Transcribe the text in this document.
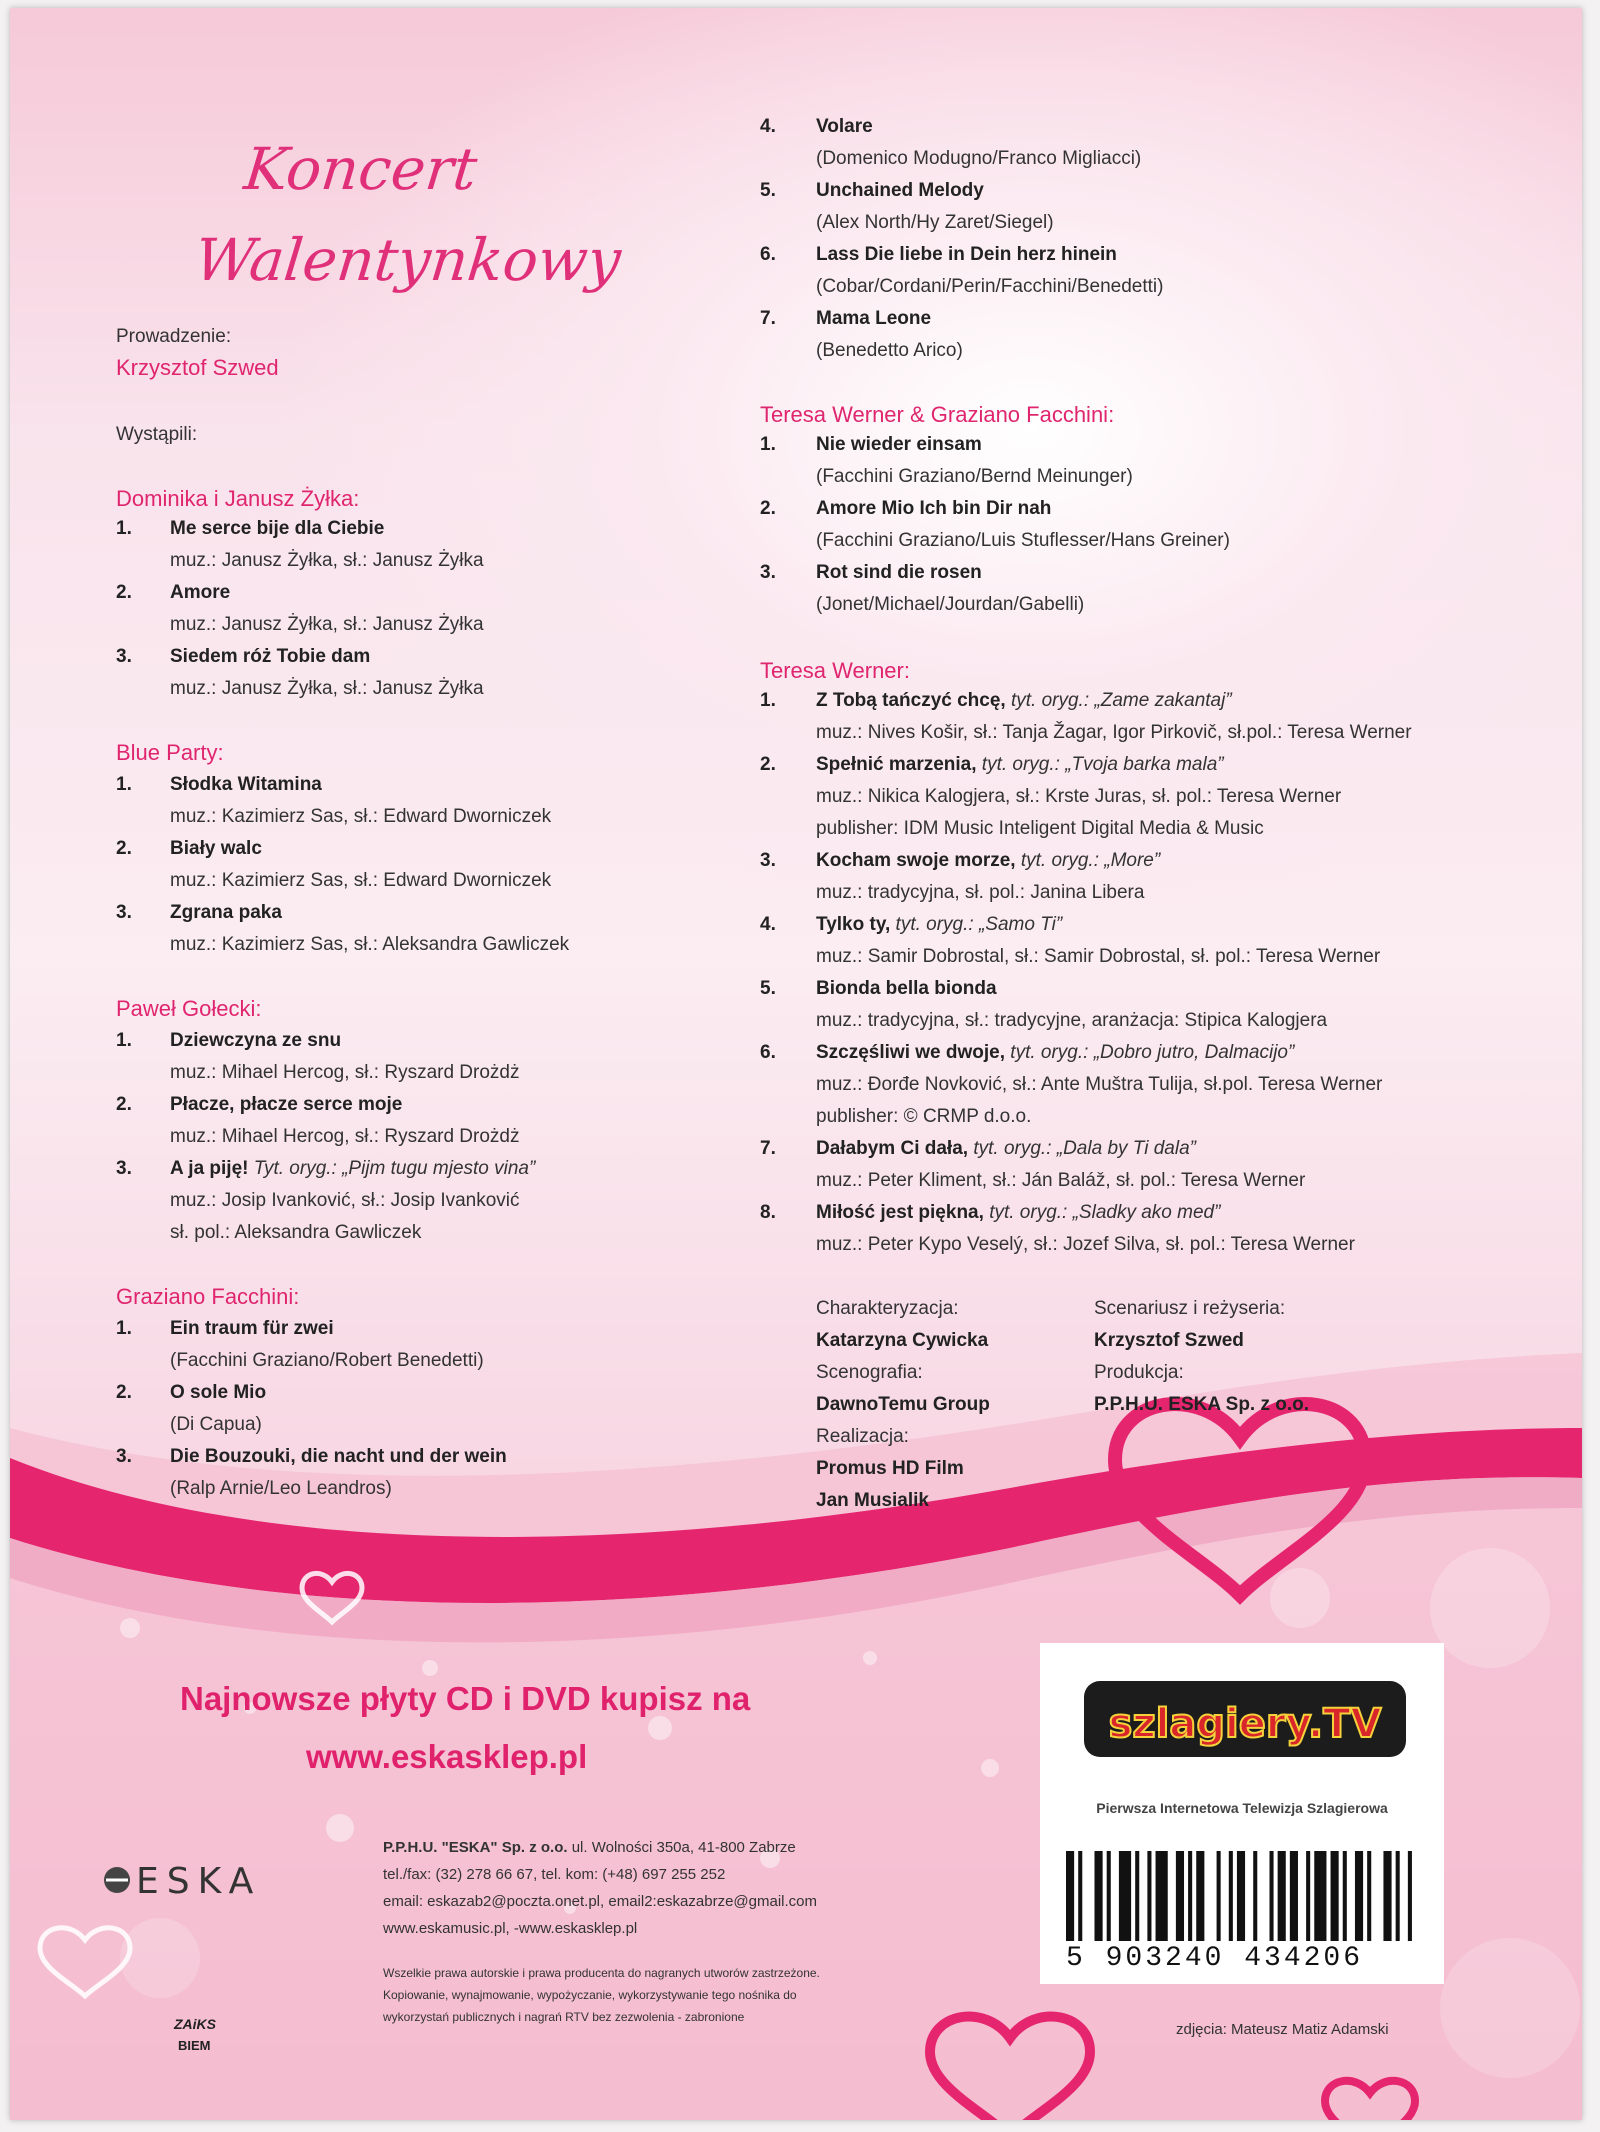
Koncert
Walentynkowy
Prowadzenie:
Krzysztof Szwed
Wystąpili:
Dominika i Janusz Żyłka:
1. Me serce bije dla Ciebie
muz.: Janusz Żyłka, sł.: Janusz Żyłka
2. Amore
muz.: Janusz Żyłka, sł.: Janusz Żyłka
3. Siedem róż Tobie dam
muz.: Janusz Żyłka, sł.: Janusz Żyłka
Blue Party:
1. Słodka Witamina
muz.: Kazimierz Sas, sł.: Edward Dworniczek
2. Biały walc
muz.: Kazimierz Sas, sł.: Edward Dworniczek
3. Zgrana paka
muz.: Kazimierz Sas, sł.: Aleksandra Gawliczek
Paweł Gołecki:
1. Dziewczyna ze snu
muz.: Mihael Hercog, sł.: Ryszard Drożdż
2. Płacze, płacze serce moje
muz.: Mihael Hercog, sł.: Ryszard Drożdż
3. A ja piję! Tyt. oryg.: „Pijm tugu mjesto vina”
muz.: Josip Ivanković, sł.: Josip Ivanković
sł. pol.: Aleksandra Gawliczek
Graziano Facchini:
1. Ein traum für zwei
(Facchini Graziano/Robert Benedetti)
2. O sole Mio
(Di Capua)
3. Die Bouzouki, die nacht und der wein
(Ralp Arnie/Leo Leandros)
4. Volare
(Domenico Modugno/Franco Migliacci)
5. Unchained Melody
(Alex North/Hy Zaret/Siegel)
6. Lass Die liebe in Dein herz hinein
(Cobar/Cordani/Perin/Facchini/Benedetti)
7. Mama Leone
(Benedetto Arico)
Teresa Werner & Graziano Facchini:
1. Nie wieder einsam
(Facchini Graziano/Bernd Meinunger)
2. Amore Mio Ich bin Dir nah
(Facchini Graziano/Luis Stuflesser/Hans Greiner)
3. Rot sind die rosen
(Jonet/Michael/Jourdan/Gabelli)
Teresa Werner:
1. Z Tobą tańczyć chcę, tyt. oryg.: „Zame zakantaj”
muz.: Nives Košir, sł.: Tanja Žagar, Igor Pirkovič, sł.pol.: Teresa Werner
2. Spełnić marzenia, tyt. oryg.: „Tvoja barka mala”
muz.: Nikica Kalogjera, sł.: Krste Juras, sł. pol.: Teresa Werner
publisher: IDM Music Inteligent Digital Media & Music
3. Kocham swoje morze, tyt. oryg.: „More”
muz.: tradycyjna, sł. pol.: Janina Libera
4. Tylko ty, tyt. oryg.: „Samo Ti”
muz.: Samir Dobrostal, sł.: Samir Dobrostal, sł. pol.: Teresa Werner
5. Bionda bella bionda
muz.: tradycyjna, sł.: tradycyjne, aranżacja: Stipica Kalogjera
6. Szczęśliwi we dwoje, tyt. oryg.: „Dobro jutro, Dalmacijo”
muz.: Đorđe Novković, sł.: Ante Muštra Tulija, sł.pol. Teresa Werner
publisher: © CRMP d.o.o.
7. Dałabym Ci dała, tyt. oryg.: „Dala by Ti dala”
muz.: Peter Kliment, sł.: Ján Baláž, sł. pol.: Teresa Werner
8. Miłość jest piękna, tyt. oryg.: „Sladky ako med”
muz.: Peter Kypo Veselý, sł.: Jozef Silva, sł. pol.: Teresa Werner
Charakteryzacja:
Katarzyna Cywicka
Scenografia:
DawnoTemu Group
Realizacja:
Promus HD Film
Jan Musialik
Scenariusz i reżyseria:
Krzysztof Szwed
Produkcja:
P.P.H.U. ESKA Sp. z o.o.
Najnowsze płyty CD i DVD kupisz na
www.eskasklep.pl
ESKA
P.P.H.U. "ESKA" Sp. z o.o. ul. Wolności 350a, 41-800 Zabrze
tel./fax: (32) 278 66 67, tel. kom: (+48) 697 255 252
email: eskazab2@poczta.onet.pl, email2:eskazabrze@gmail.com
www.eskamusic.pl, -www.eskasklep.pl
Wszelkie prawa autorskie i prawa producenta do nagranych utworów zastrzeżone. Kopiowanie, wynajmowanie, wypożyczanie, wykorzystywanie tego nośnika do wykorzystań publicznych i nagrań RTV bez zezwolenia - zabronione
ZAiKS
BIEM
szlagiery.TV
Pierwsza Internetowa Telewizja Szlagierowa
5 903240 434206
zdjęcia: Mateusz Matiz Adamski
